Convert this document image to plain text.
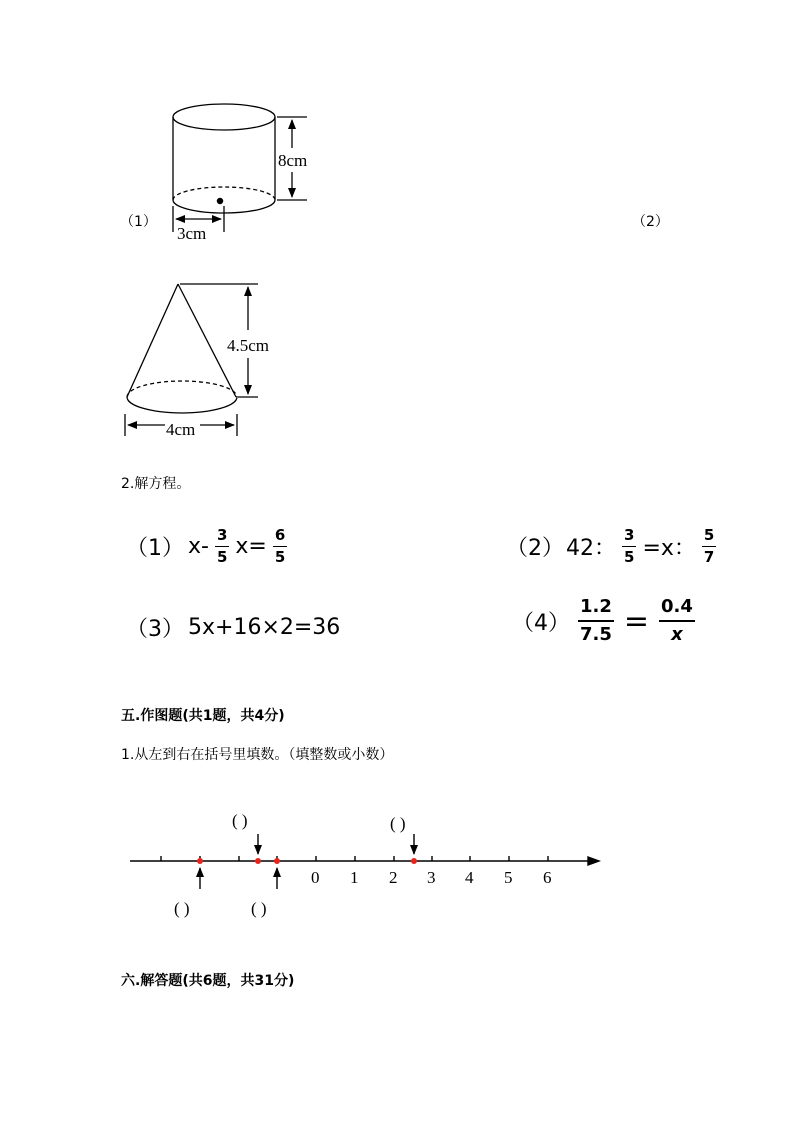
（1）
8cm
3cm
（2）
4.5cm
4cm
2.解方程。
（1） $x- \frac{3}{5} x= \frac{6}{5}$	（2） 42： $\frac{3}{5} =x$： $\frac{5}{7}$
（3） 5x+16×2=36	$(4) \frac{1.2}{7.5} = \frac{0.4}{x}$
五.作图题(共1题，共4分)
1.从左到右在括号里填数。（填整数或小数）
( )	( )
( )	( )
0 1 2 3 4 5 6
六.解答题(共6题，共31分)
